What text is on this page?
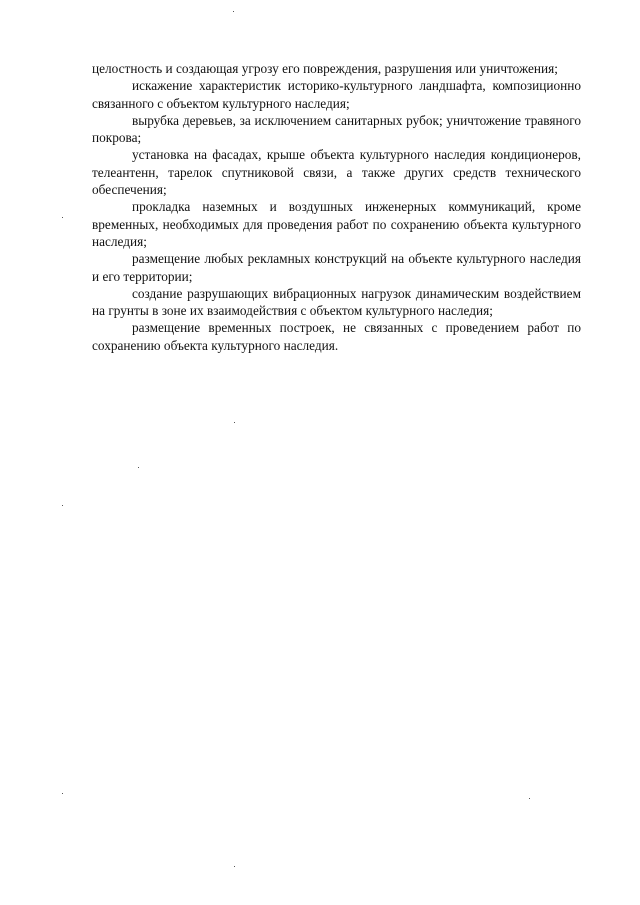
целостность и создающая угрозу его повреждения, разрушения или уничтожения;

искажение характеристик историко-культурного ландшафта, композиционно связанного с объектом культурного наследия;

вырубка деревьев, за исключением санитарных рубок; уничтожение травяного покрова;

установка на фасадах, крыше объекта культурного наследия кондиционеров, телеантенн, тарелок спутниковой связи, а также других средств технического обеспечения;

прокладка наземных и воздушных инженерных коммуникаций, кроме временных, необходимых для проведения работ по сохранению объекта культурного наследия;

размещение любых рекламных конструкций на объекте культурного наследия и его территории;

создание разрушающих вибрационных нагрузок динамическим воздействием на грунты в зоне их взаимодействия с объектом культурного наследия;

размещение временных построек, не связанных с проведением работ по сохранению объекта культурного наследия.
